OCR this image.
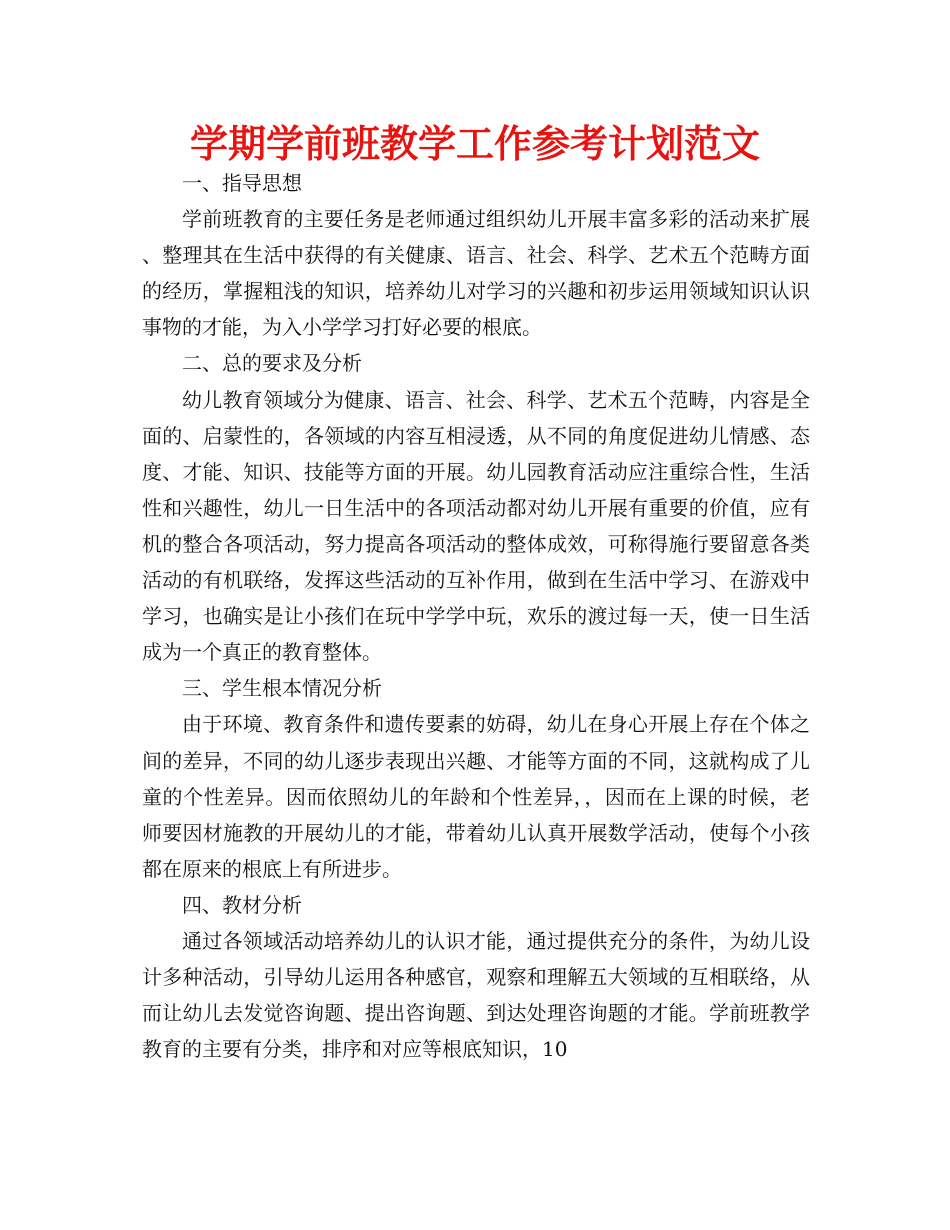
学期学前班教学工作参考计划范文

一、指导思想

学前班教育的主要任务是老师通过组织幼儿开展丰富多彩的活动来扩展、整理其在生活中获得的有关健康、语言、社会、科学、艺术五个范畴方面的经历，掌握粗浅的知识，培养幼儿对学习的兴趣和初步运用领域知识认识事物的才能，为入小学学习打好必要的根底。

二、总的要求及分析

幼儿教育领域分为健康、语言、社会、科学、艺术五个范畴，内容是全面的、启蒙性的，各领域的内容互相浸透，从不同的角度促进幼儿情感、态度、才能、知识、技能等方面的开展。幼儿园教育活动应注重综合性，生活性和兴趣性，幼儿一日生活中的各项活动都对幼儿开展有重要的价值，应有机的整合各项活动，努力提高各项活动的整体成效，可称得施行要留意各类活动的有机联络，发挥这些活动的互补作用，做到在生活中学习、在游戏中学习，也确实是让小孩们在玩中学学中玩，欢乐的渡过每一天，使一日生活成为一个真正的教育整体。

三、学生根本情况分析

由于环境、教育条件和遗传要素的妨碍，幼儿在身心开展上存在个体之间的差异，不同的幼儿逐步表现出兴趣、才能等方面的不同，这就构成了儿童的个性差异。因而依照幼儿的年龄和个性差异，，因而在上课的时候，老师要因材施教的开展幼儿的才能，带着幼儿认真开展数学活动，使每个小孩都在原来的根底上有所进步。

四、教材分析

通过各领域活动培养幼儿的认识才能，通过提供充分的条件，为幼儿设计多种活动，引导幼儿运用各种感官，观察和理解五大领域的互相联络，从而让幼儿去发觉咨询题、提出咨询题、到达处理咨询题的才能。学前班教学教育的主要有分类，排序和对应等根底知识，10
